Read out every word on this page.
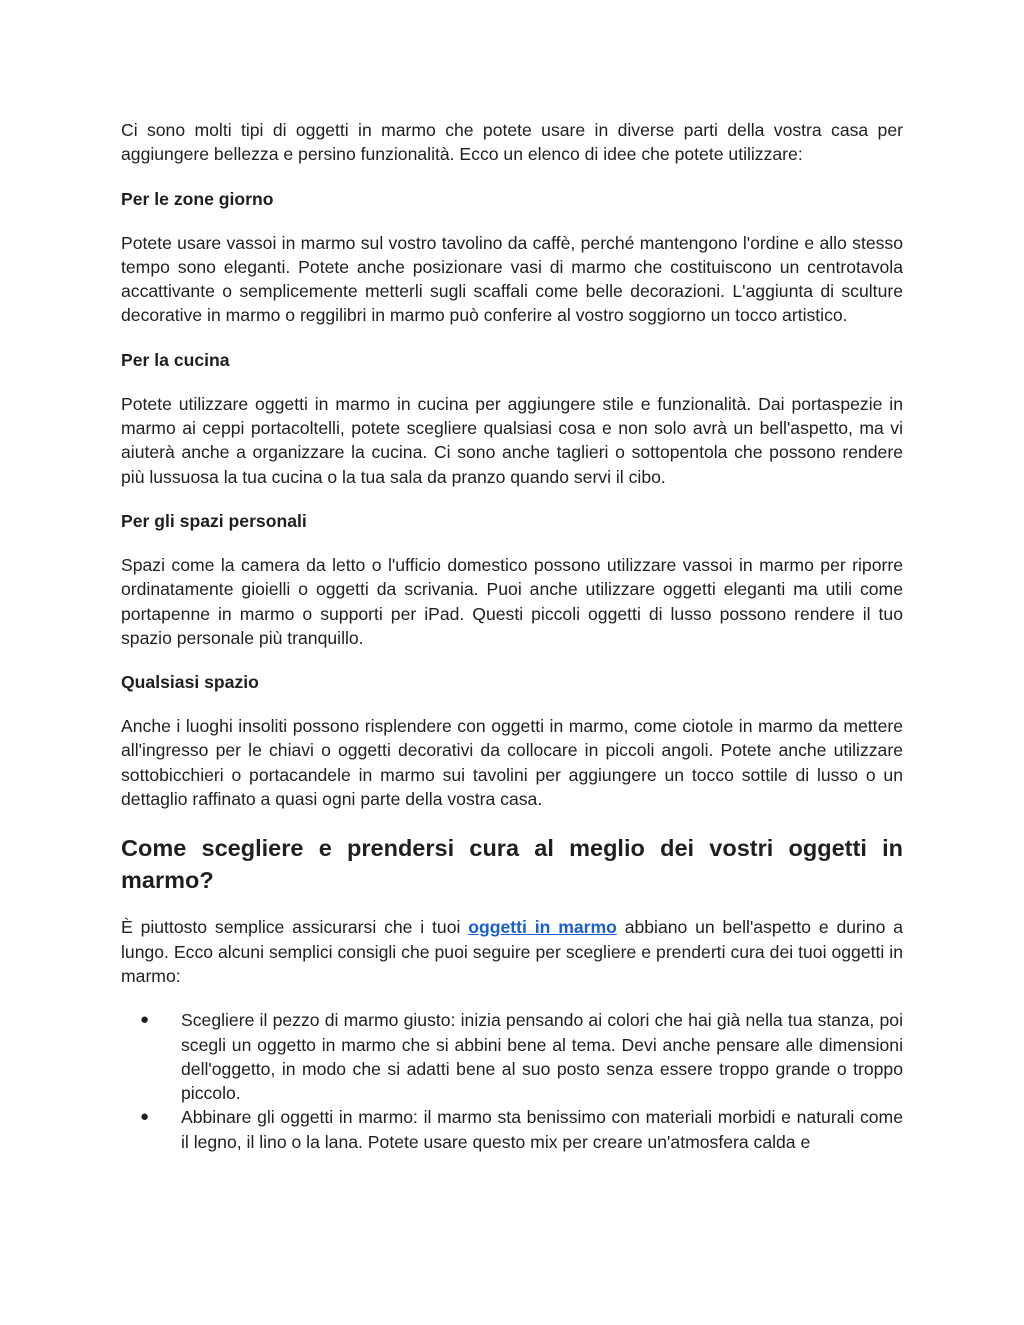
Ci sono molti tipi di oggetti in marmo che potete usare in diverse parti della vostra casa per aggiungere bellezza e persino funzionalità. Ecco un elenco di idee che potete utilizzare:

Per le zone giorno

Potete usare vassoi in marmo sul vostro tavolino da caffè, perché mantengono l'ordine e allo stesso tempo sono eleganti. Potete anche posizionare vasi di marmo che costituiscono un centrotavola accattivante o semplicemente metterli sugli scaffali come belle decorazioni. L'aggiunta di sculture decorative in marmo o reggilibri in marmo può conferire al vostro soggiorno un tocco artistico.

Per la cucina

Potete utilizzare oggetti in marmo in cucina per aggiungere stile e funzionalità. Dai portaspezie in marmo ai ceppi portacoltelli, potete scegliere qualsiasi cosa e non solo avrà un bell'aspetto, ma vi aiuterà anche a organizzare la cucina. Ci sono anche taglieri o sottopentola che possono rendere più lussuosa la tua cucina o la tua sala da pranzo quando servi il cibo.

Per gli spazi personali

Spazi come la camera da letto o l'ufficio domestico possono utilizzare vassoi in marmo per riporre ordinatamente gioielli o oggetti da scrivania. Puoi anche utilizzare oggetti eleganti ma utili come portapenne in marmo o supporti per iPad. Questi piccoli oggetti di lusso possono rendere il tuo spazio personale più tranquillo.

Qualsiasi spazio

Anche i luoghi insoliti possono risplendere con oggetti in marmo, come ciotole in marmo da mettere all'ingresso per le chiavi o oggetti decorativi da collocare in piccoli angoli. Potete anche utilizzare sottobicchieri o portacandele in marmo sui tavolini per aggiungere un tocco sottile di lusso o un dettaglio raffinato a quasi ogni parte della vostra casa.

Come scegliere e prendersi cura al meglio dei vostri oggetti in marmo?

È piuttosto semplice assicurarsi che i tuoi oggetti in marmo abbiano un bell'aspetto e durino a lungo. Ecco alcuni semplici consigli che puoi seguire per scegliere e prenderti cura dei tuoi oggetti in marmo:

● Scegliere il pezzo di marmo giusto: inizia pensando ai colori che hai già nella tua stanza, poi scegli un oggetto in marmo che si abbini bene al tema. Devi anche pensare alle dimensioni dell'oggetto, in modo che si adatti bene al suo posto senza essere troppo grande o troppo piccolo.
● Abbinare gli oggetti in marmo: il marmo sta benissimo con materiali morbidi e naturali come il legno, il lino o la lana. Potete usare questo mix per creare un'atmosfera calda e
